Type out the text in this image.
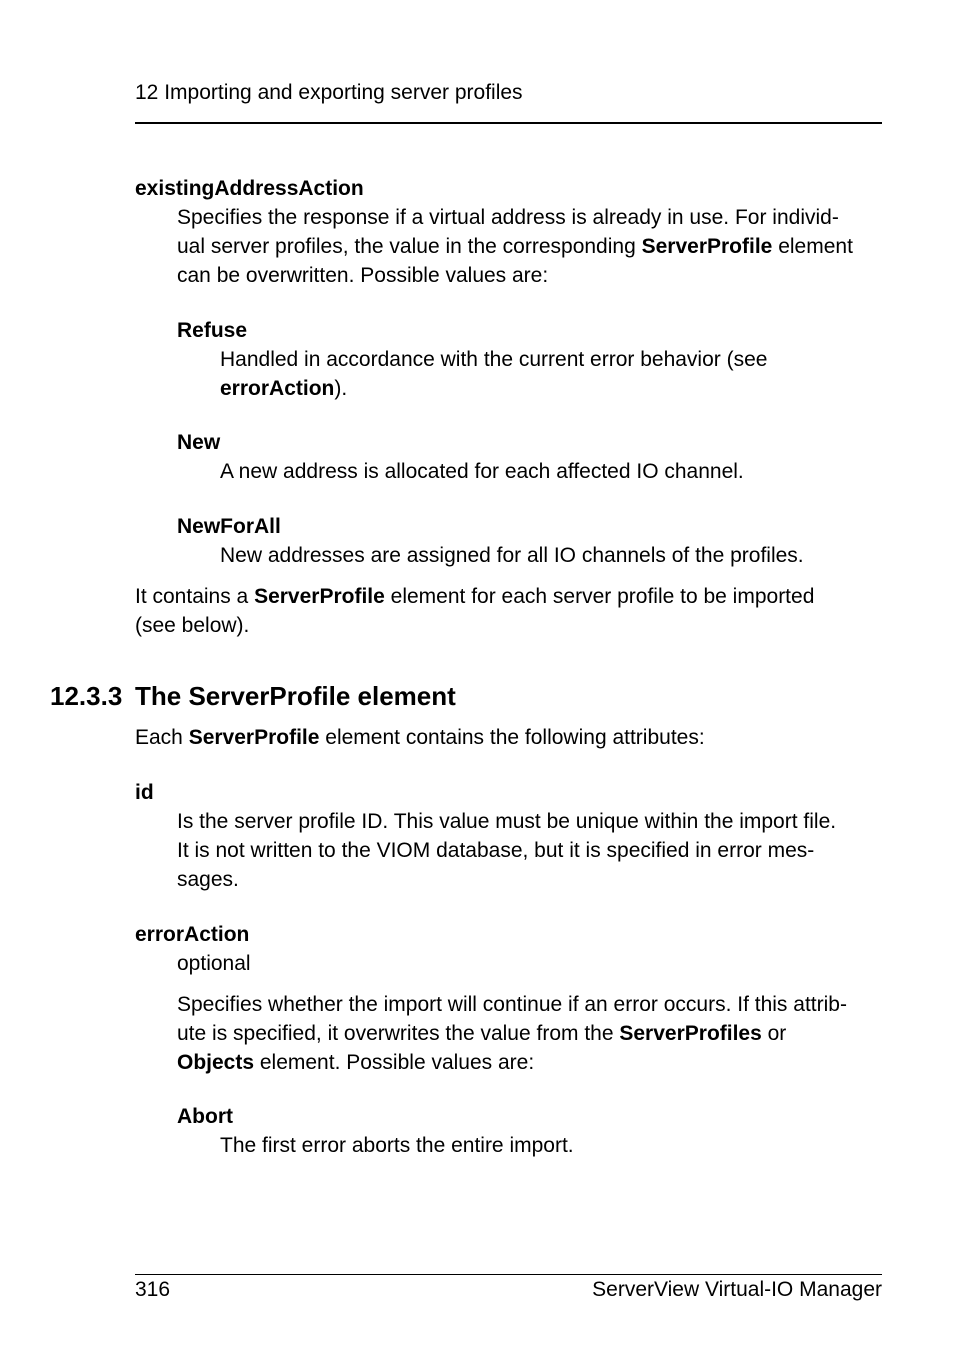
12 Importing and exporting server profiles
existingAddressAction
Specifies the response if a virtual address is already in use. For individ-
ual server profiles, the value in the corresponding ServerProfile element
can be overwritten. Possible values are:
Refuse
Handled in accordance with the current error behavior (see
errorAction).
New
A new address is allocated for each affected IO channel.
NewForAll
New addresses are assigned for all IO channels of the profiles.
It contains a ServerProfile element for each server profile to be imported
(see below).
12.3.3 The ServerProfile element
Each ServerProfile element contains the following attributes:
id
Is the server profile ID. This value must be unique within the import file.
It is not written to the VIOM database, but it is specified in error mes-
sages.
errorAction
optional
Specifies whether the import will continue if an error occurs. If this attrib-
ute is specified, it overwrites the value from the ServerProfiles or
Objects element. Possible values are:
Abort
The first error aborts the entire import.
316	ServerView Virtual-IO Manager
